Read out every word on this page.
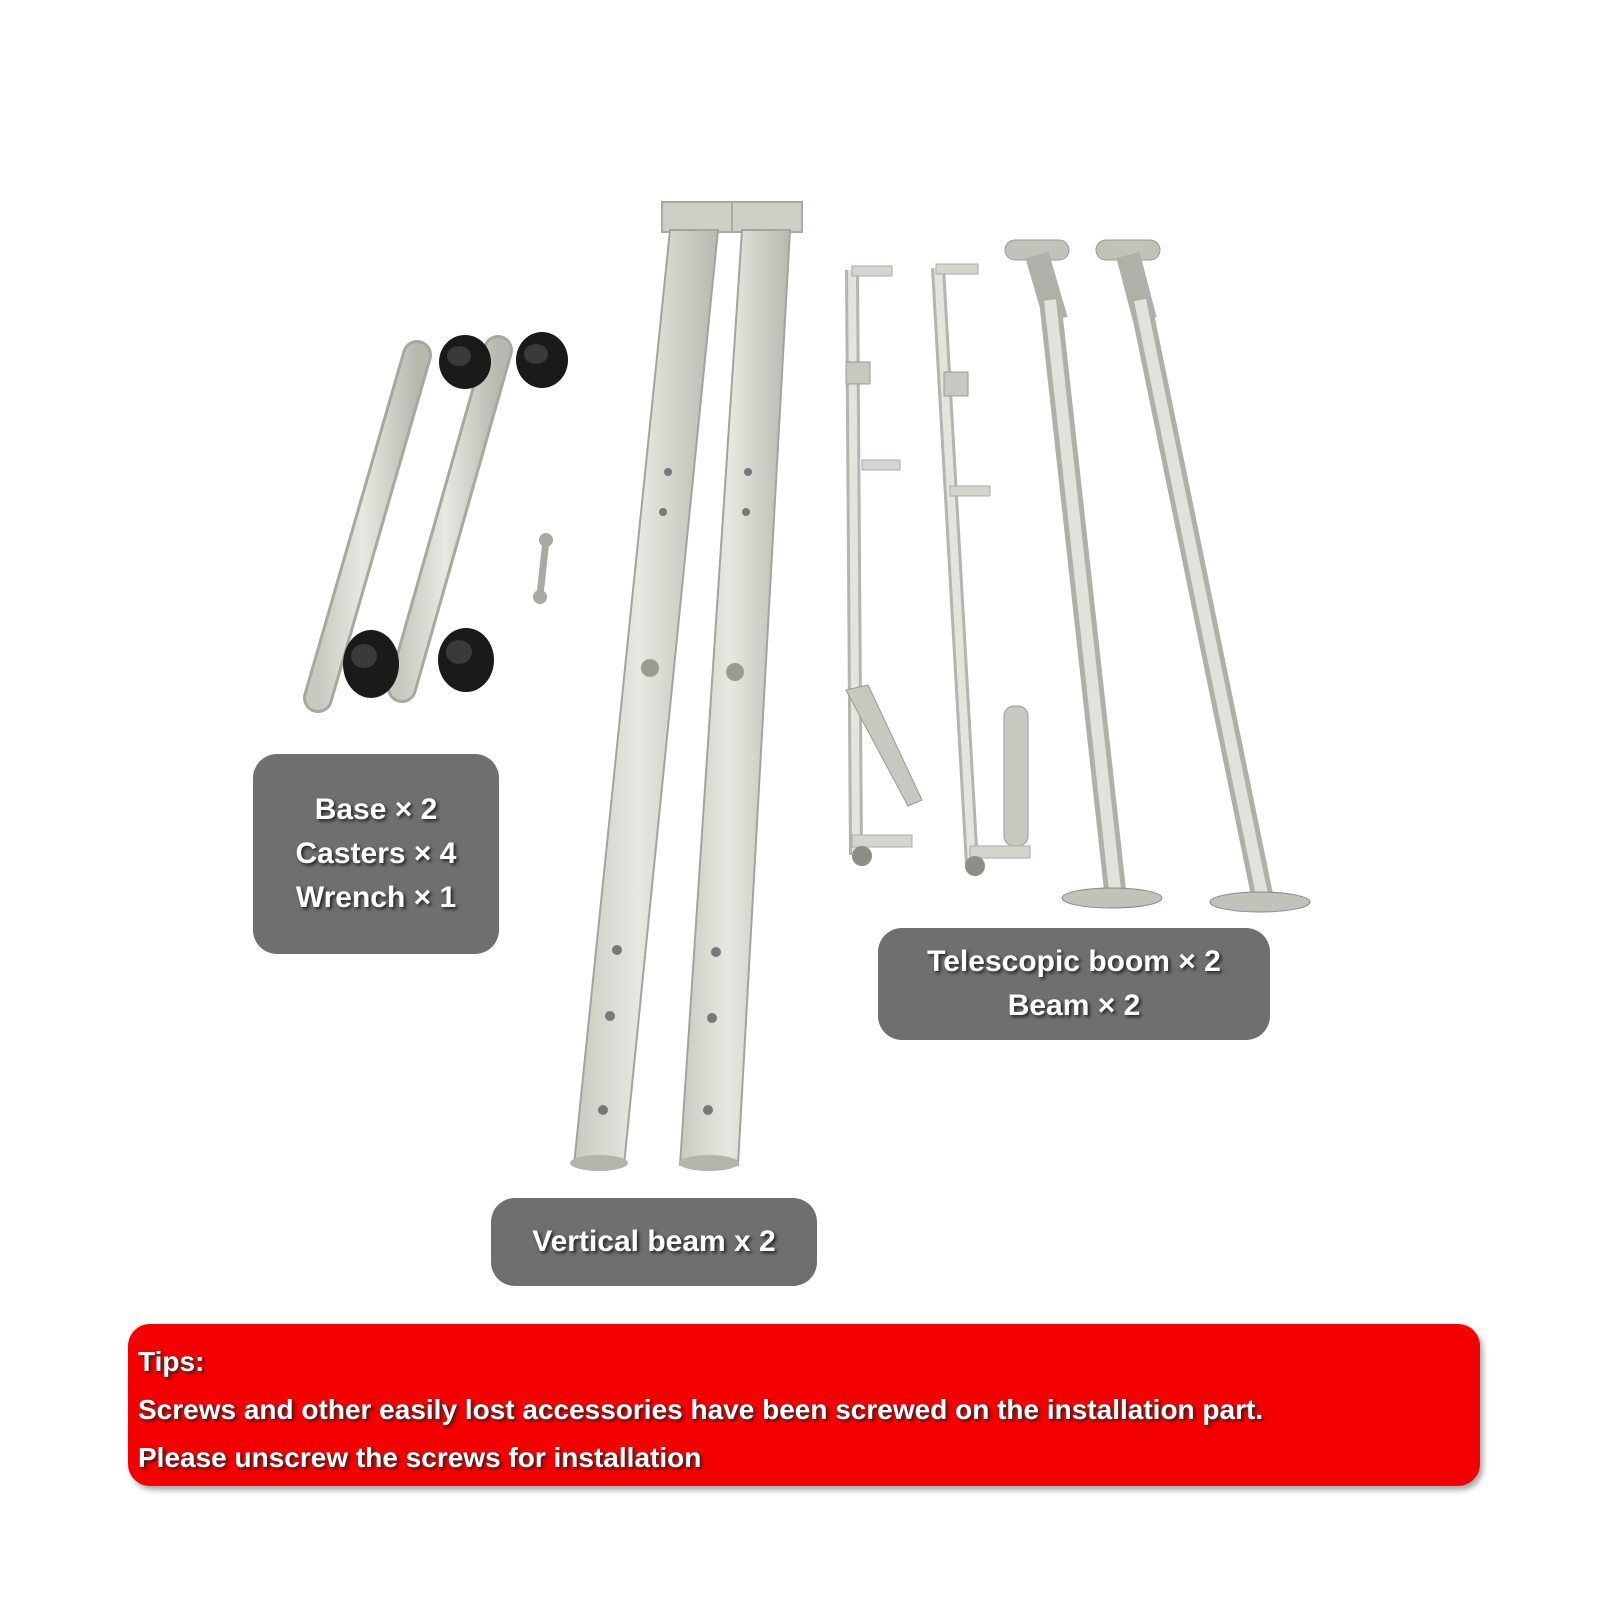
Base × 2
Casters × 4
Wrench × 1
Telescopic boom × 2
Beam × 2
Vertical beam x 2
Tips:
Screws and other easily lost accessories have been screwed on the installation part.
Please unscrew the screws for installation
